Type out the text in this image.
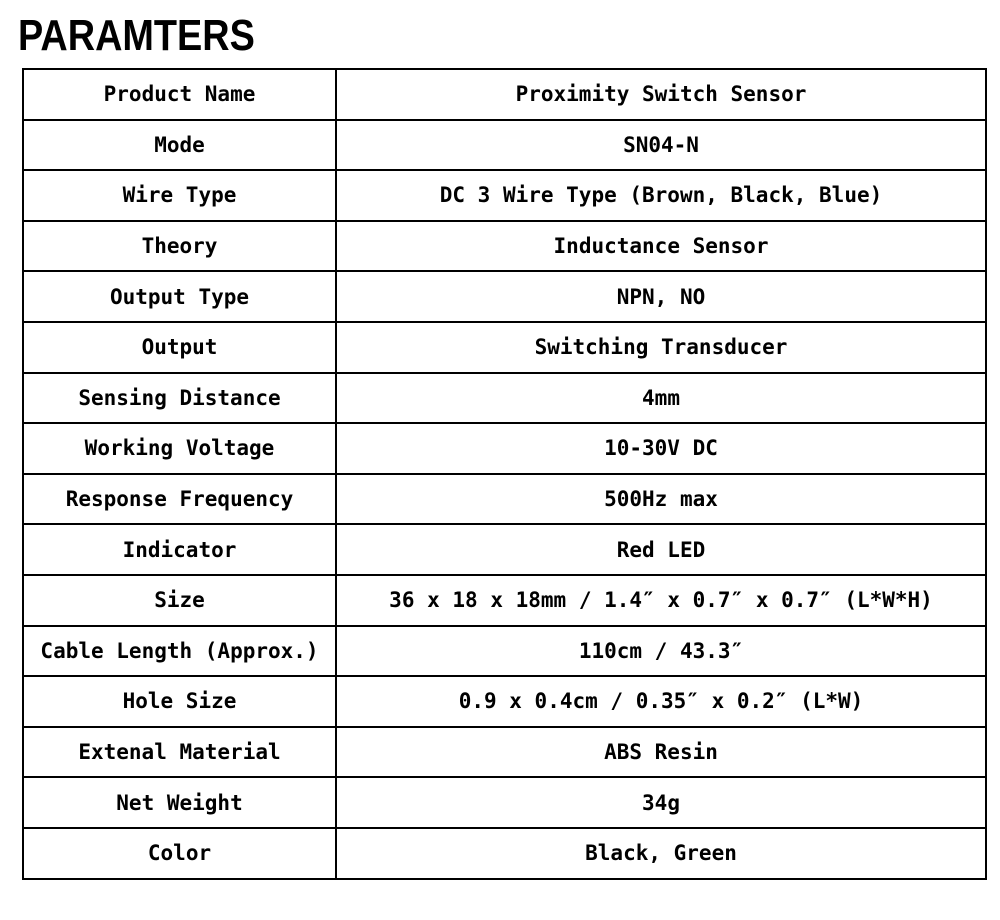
PARAMTERS
Product Name	Proximity Switch Sensor
Mode	SN04-N
Wire Type	DC 3 Wire Type (Brown, Black, Blue)
Theory	Inductance Sensor
Output Type	NPN, NO
Output	Switching Transducer
Sensing Distance	4mm
Working Voltage	10-30V DC
Response Frequency	500Hz max
Indicator	Red LED
Size	36 x 18 x 18mm / 1.4″ x 0.7″ x 0.7″ (L*W*H)
Cable Length (Approx.)	110cm / 43.3″
Hole Size	0.9 x 0.4cm / 0.35″ x 0.2″ (L*W)
Extenal Material	ABS Resin
Net Weight	34g
Color	Black, Green
